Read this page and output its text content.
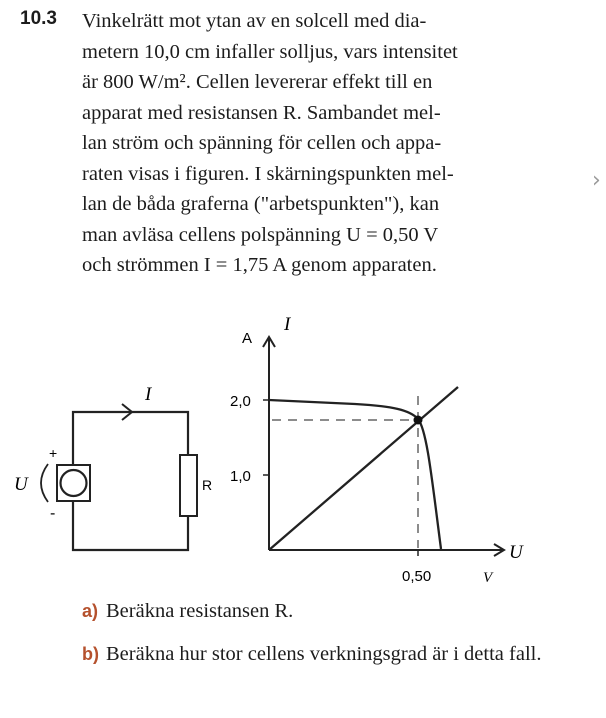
10.3 Vinkelrätt mot ytan av en solcell med dia-
metern 10,0 cm infaller solljus, vars intensitet
är 800 W/m². Cellen levererar effekt till en
apparat med resistansen R. Sambandet mel-
lan ström och spänning för cellen och appa-
raten visas i figuren. I skärningspunkten mel-
lan de båda graferna ("arbetspunkten"), kan
man avläsa cellens polspänning U = 0,50 V
och strömmen I = 1,75 A genom apparaten.
I
+
-
U	R
A
I
2,0
1,0
0,50
U
V
a) Beräkna resistansen R.
b) Beräkna hur stor cellens verkningsgrad är i detta fall.
›
